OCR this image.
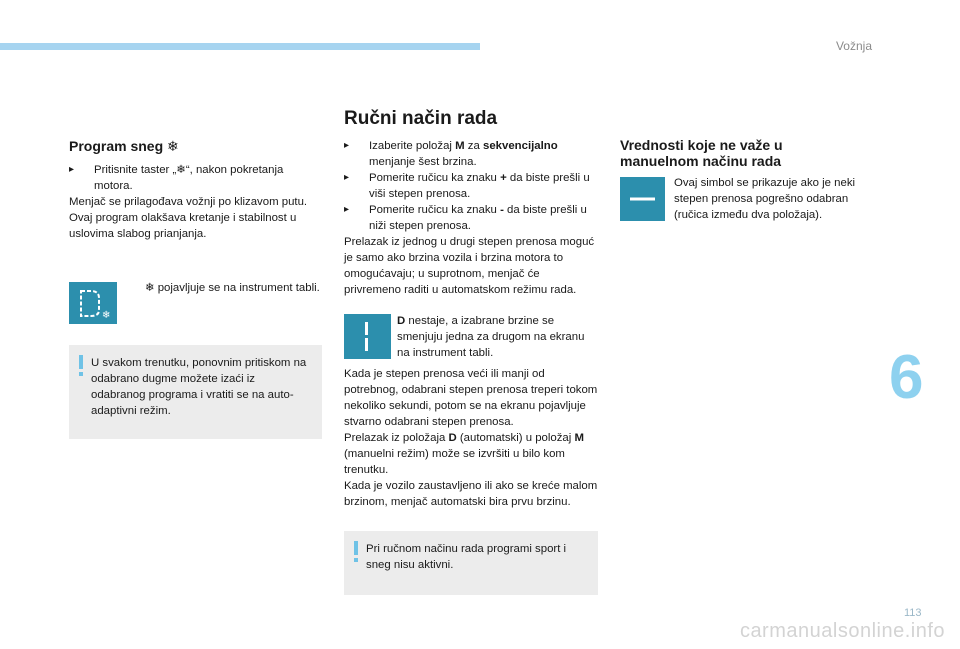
Vožnja
6
113
carmanualsonline.info
Program sneg ❄
▸ Pritisnite taster „❄“, nakon pokretanja motora.

Menjač se prilagođava vožnji po klizavom putu.

Ovaj program olakšava kretanje i stabilnost u uslovima slabog prianjanja.

❄
❄ pojavljuje se na instrument tabli.
U svakom trenutku, ponovnim pritiskom na odabrano dugme možete izaći iz odabranog programa i vratiti se na auto-adaptivni režim.
Ručni način rada
▸ Izaberite položaj M za sekvencijalno menjanje šest brzina.
▸ Pomerite ručicu ka znaku + da biste prešli u viši stepen prenosa.
▸ Pomerite ručicu ka znaku - da biste prešli u niži stepen prenosa.

Prelazak iz jednog u drugi stepen prenosa moguć je samo ako brzina vozila i brzina motora to omogućavaju; u suprotnom, menjač će privremeno raditi u automatskom režimu rada.

D nestaje, a izabrane brzine se smenjuju jedna za drugom na ekranu na instrument tabli.

Kada je stepen prenosa veći ili manji od potrebnog, odabrani stepen prenosa treperi tokom nekoliko sekundi, potom se na ekranu pojavljuje stvarno odabrani stepen prenosa.

Prelazak iz položaja D (automatski) u položaj M (manuelni režim) može se izvršiti u bilo kom trenutku.

Kada je vozilo zaustavljeno ili ako se kreće malom brzinom, menjač automatski bira prvu brzinu.

Pri ručnom načinu rada programi sport i sneg nisu aktivni.
Vrednosti koje ne važe u manuelnom načinu rada
Ovaj simbol se prikazuje ako je neki stepen prenosa pogrešno odabran (ručica između dva položaja).
